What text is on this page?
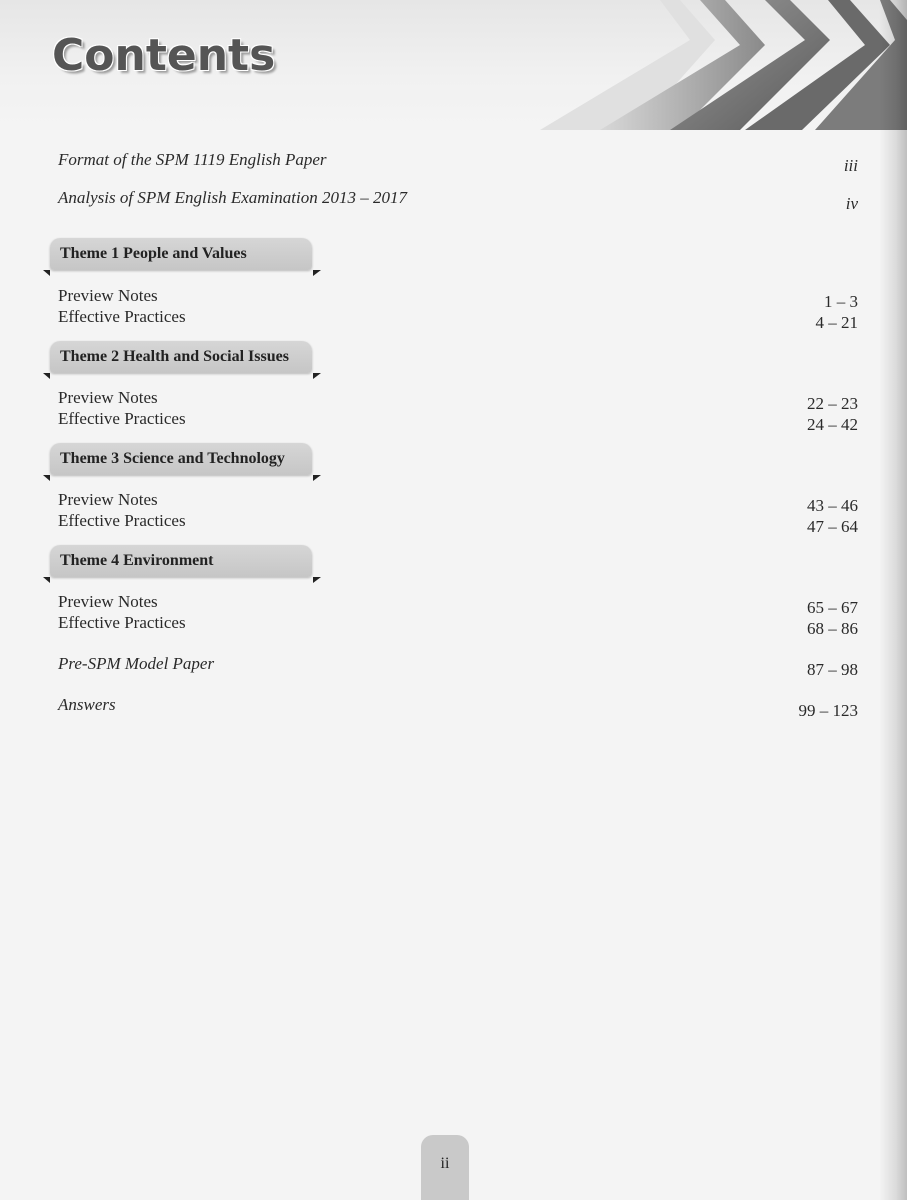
Contents
Format of the SPM 1119 English Paper	iii
Analysis of SPM English Examination 2013 – 2017	iv
Theme 1 People and Values
Preview Notes	1 – 3
Effective Practices	4 – 21
Theme 2 Health and Social Issues
Preview Notes	22 – 23
Effective Practices	24 – 42
Theme 3 Science and Technology
Preview Notes	43 – 46
Effective Practices	47 – 64
Theme 4 Environment
Preview Notes	65 – 67
Effective Practices	68 – 86
Pre-SPM Model Paper	87 – 98
Answers	99 – 123
ii
